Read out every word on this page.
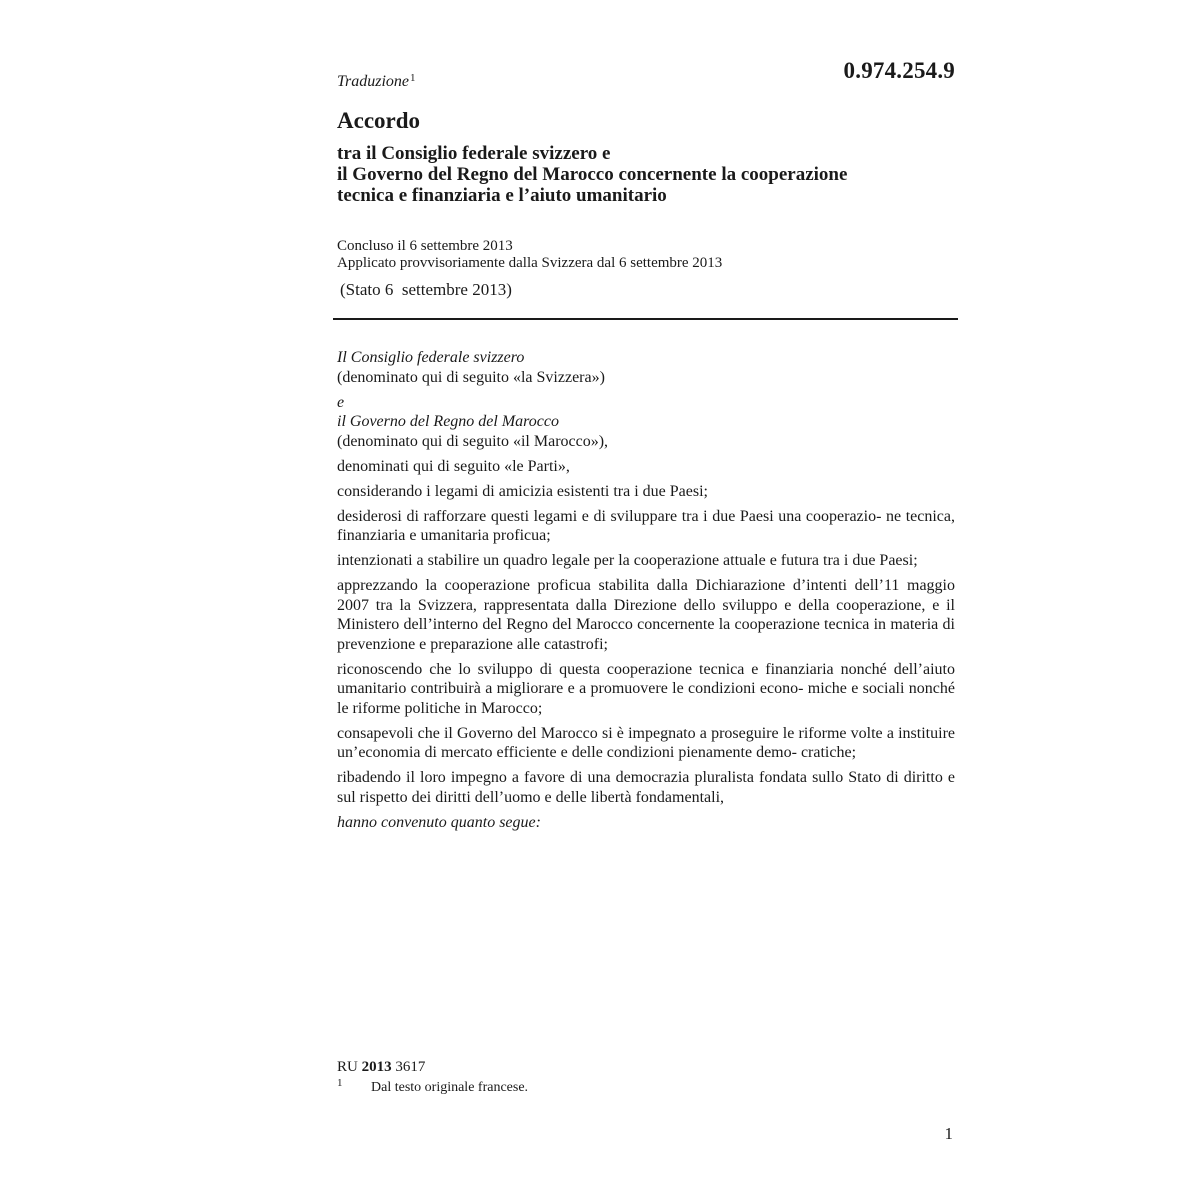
0.974.254.9
Traduzione$^1$
Accordo
tra il Consiglio federale svizzero e
il Governo del Regno del Marocco concernente la cooperazione
tecnica e finanziaria e l’aiuto umanitario
Concluso il 6 settembre 2013
Applicato provvisoriamente dalla Svizzera dal 6 settembre 2013
(Stato 6  settembre 2013)

Il Consiglio federale svizzero
(denominato qui di seguito «la Svizzera»)

e
il Governo del Regno del Marocco
(denominato qui di seguito «il Marocco»),

denominati qui di seguito «le Parti»,

considerando i legami di amicizia esistenti tra i due Paesi;

desiderosi di rafforzare questi legami e di sviluppare tra i due Paesi una cooperazio- ne tecnica, finanziaria e umanitaria proficua;

intenzionati a stabilire un quadro legale per la cooperazione attuale e futura tra i due Paesi;

apprezzando la cooperazione proficua stabilita dalla Dichiarazione d’intenti dell’11 maggio 2007 tra la Svizzera, rappresentata dalla Direzione dello sviluppo e della cooperazione, e il Ministero dell’interno del Regno del Marocco concernente la cooperazione tecnica in materia di prevenzione e preparazione alle catastrofi;

riconoscendo che lo sviluppo di questa cooperazione tecnica e finanziaria nonché dell’aiuto umanitario contribuirà a migliorare e a promuovere le condizioni econo- miche e sociali nonché le riforme politiche in Marocco;

consapevoli che il Governo del Marocco si è impegnato a proseguire le riforme volte a instituire un’economia di mercato efficiente e delle condizioni pienamente demo- cratiche;

ribadendo il loro impegno a favore di una democrazia pluralista fondata sullo Stato di diritto e sul rispetto dei diritti dell’uomo e delle libertà fondamentali,

hanno convenuto quanto segue:

RU 2013 3617
1 Dal testo originale francese.
1
